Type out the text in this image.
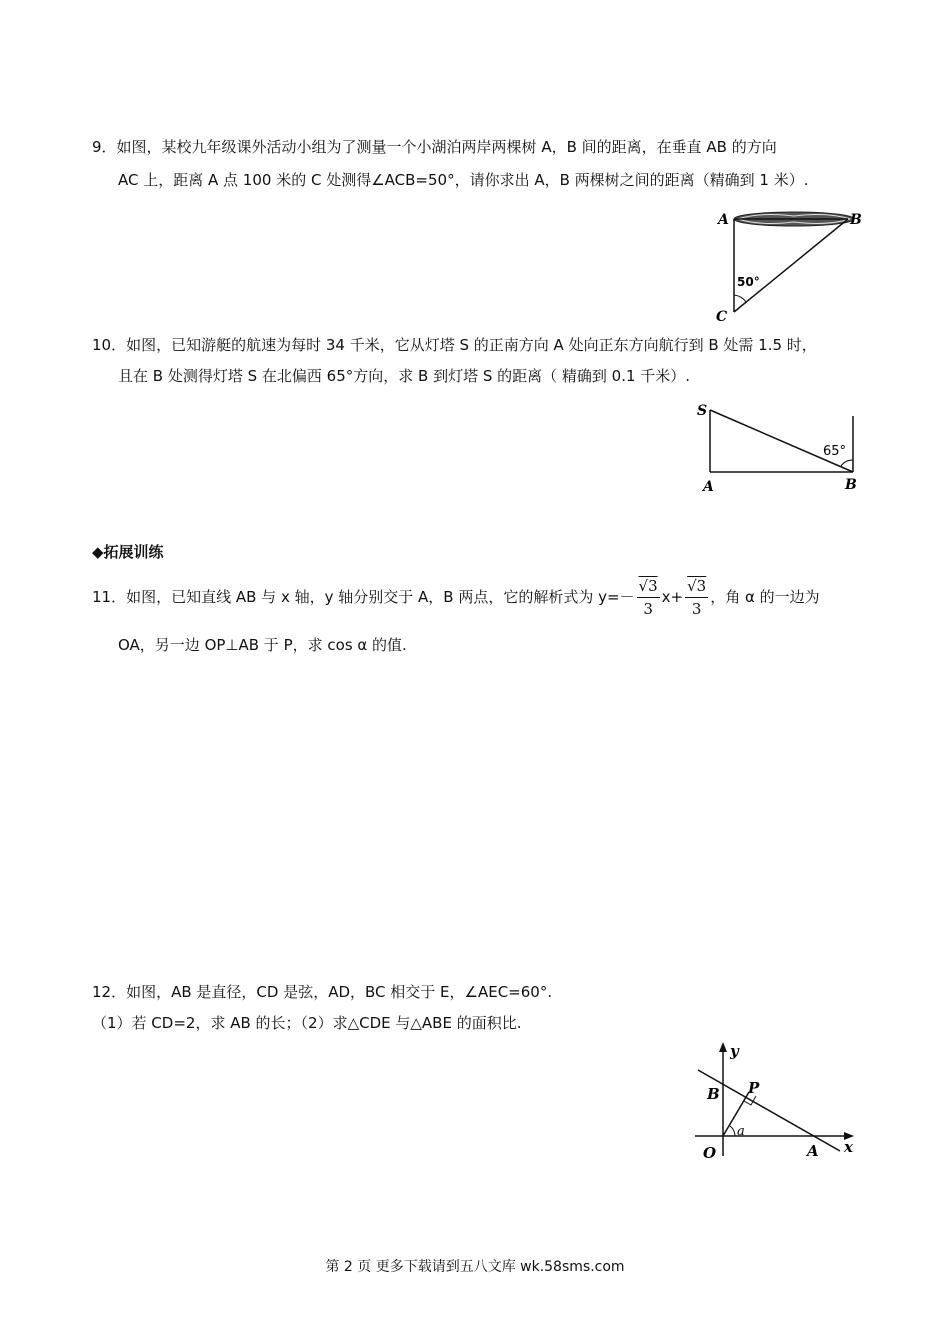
9．如图，某校九年级课外活动小组为了测量一个小湖泊两岸两棵树 A，B 间的距离，在垂直 AB 的方向
AC 上，距离 A 点 100 米的 C 处测得∠ACB=50°，请你求出 A，B 两棵树之间的距离（精确到 1 米）.
A	B
C
50°
10．如图，已知游艇的航速为每时 34 千米，它从灯塔 S 的正南方向 A 处向正东方向航行到 B 处需 1.5 时，
且在 B 处测得灯塔 S 在北偏西 65°方向，求 B 到灯塔 S 的距离（ 精确到 0.1 千米）.
S
A	B
65°
◆拓展训练
11．如图，已知直线 AB 与 x 轴，y 轴分别交于 A，B 两点，它的解析式为 $y=- \frac{√3}{3} x+ \frac{√3}{3}$ ，角 α 的一边为
OA，另一边 OP⊥AB 于 P，求 cos α 的值.
12．如图，AB 是直径，CD 是弦，AD，BC 相交于 E，∠AEC=60°.
（1）若 CD=2，求 AB 的长；（2）求△CDE 与△ABE 的面积比.
y
B P
O	A x
a
第 2 页 更多下载请到五八文库 wk.58sms.com
